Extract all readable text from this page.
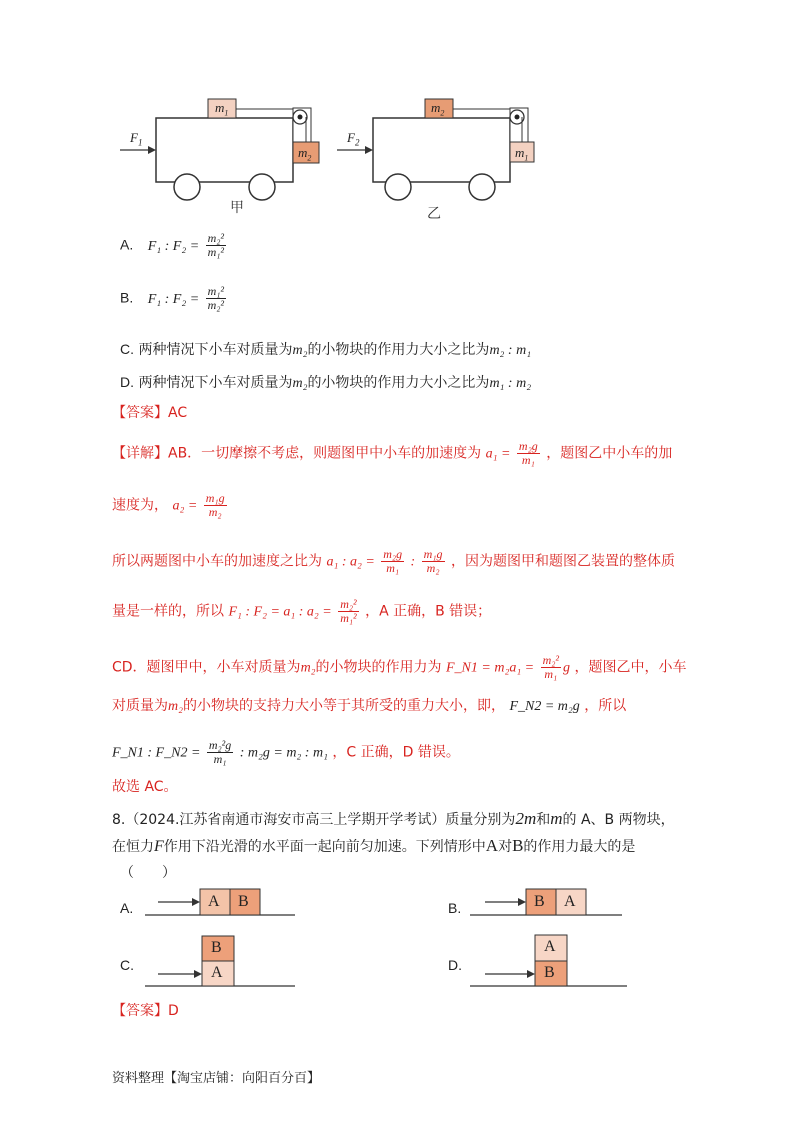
$F_1$
$m_1$
$m_2$
甲
$F_2$
$m_2$
$m_1$
乙
A. F₁ : $F_2 = \frac{\text{m₂²}}{\text{m₁²}}$
B. F₁ : $F_2 = \frac{\text{m₁²}}{\text{m₂²}}$
C. 两种情况下小车对质量为m₂的小物块的作用力大小之比为m₂ : m₁
D. 两种情况下小车对质量为m₂的小物块的作用力大小之比为m₁ : m₂
【答案】AC
【详解】AB．一切摩擦不考虑，则题图甲中小车的加速度为 $a_1 = \frac{\text{m₂g}}{\text{m₁}}$ ，题图乙中小车的加
速度为， $a_2 = \frac{\text{m₁g}}{\text{m₂}}$
所以两题图中小车的加速度之比为 a₁ : $a_2 = \frac{\text{m₂g}}{\text{m₁}}$ : $\frac{\text{m₁g}}{\text{m₂}}$ ，因为题图甲和题图乙装置的整体质
量是一样的，所以 F₁ : F₂ = a₁ : $a_2 = \frac{\text{m₂²}}{\text{m₁²}}$ ，A 正确，B 错误；
CD．题图甲中，小车对质量为m₂的小物块的作用力为 F_N1 = $m_2a_1 = \frac{\text{m₂²}}{\text{m₁}}$ g ，题图乙中，小车
对质量为m₂的小物块的支持力大小等于其所受的重力大小，即， F_N2 = m₂g ，所以
F_N1 : F_N2 = $\frac{\text{m₂²g}}{\text{m₁}}$ : m₂g = m₂ : m₁ ，C 正确，D 错误。
故选 AC。
8.（2024.江苏省南通市海安市高三上学期开学考试）质量分别为2m和m的 A、B 两物块，
在恒力F作用下沿光滑的水平面一起向前匀加速。下列情形中A对B的作用力最大的是
（　　）
A.	B.
C.	D.
A B	B A
B
A
A
B
【答案】D
资料整理【淘宝店铺：向阳百分百】
